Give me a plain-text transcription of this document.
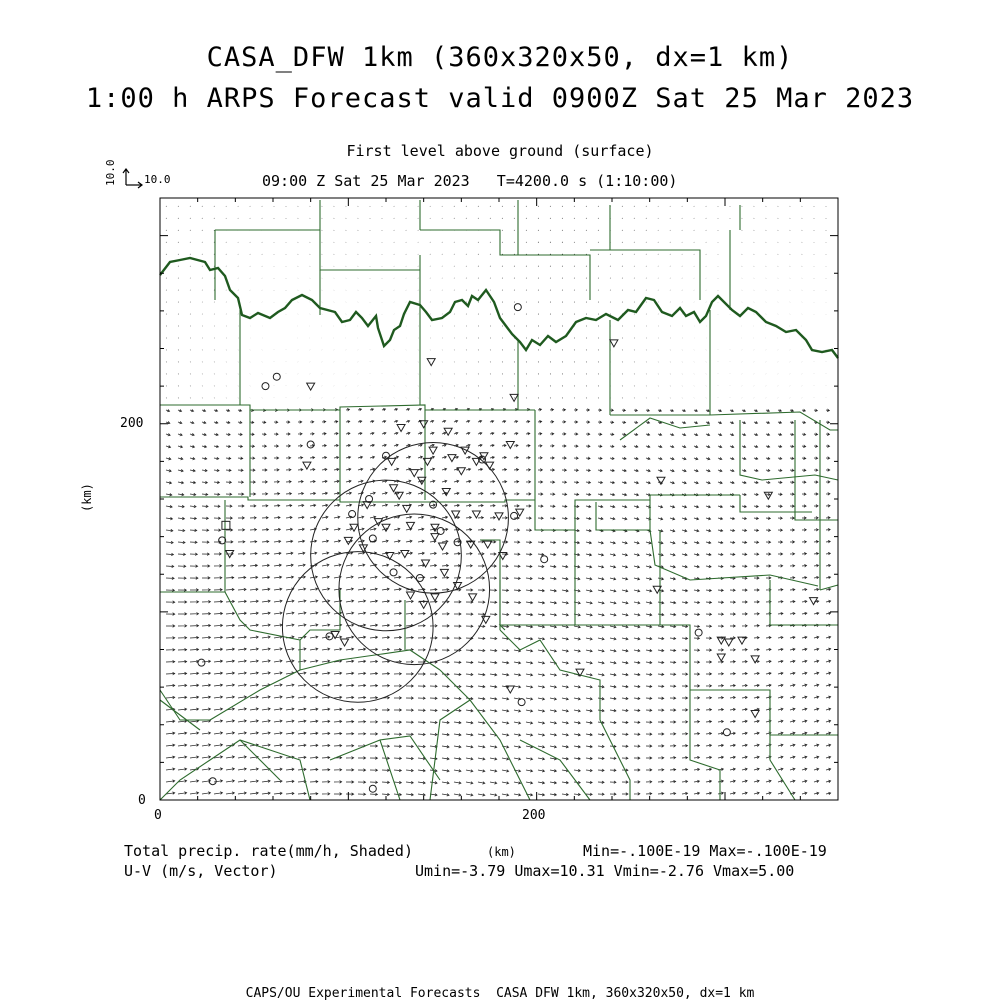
CASA_DFW 1km (360x320x50, dx=1 km)
1:00 h ARPS Forecast valid 0900Z Sat 25 Mar 2023
First level above ground (surface)
09:00 Z Sat 25 Mar 2023   T=4200.0 s (1:10:00)
10.0 10.0
(km)
(km)
0
200
0	200
Total precip. rate(mm/h, Shaded)
U-V (m/s, Vector)
Min=-.100E-19 Max=-.100E-19
Umin=-3.79 Umax=10.31 Vmin=-2.76 Vmax=5.00
CAPS/OU Experimental Forecasts  CASA DFW 1km, 360x320x50, dx=1 km
